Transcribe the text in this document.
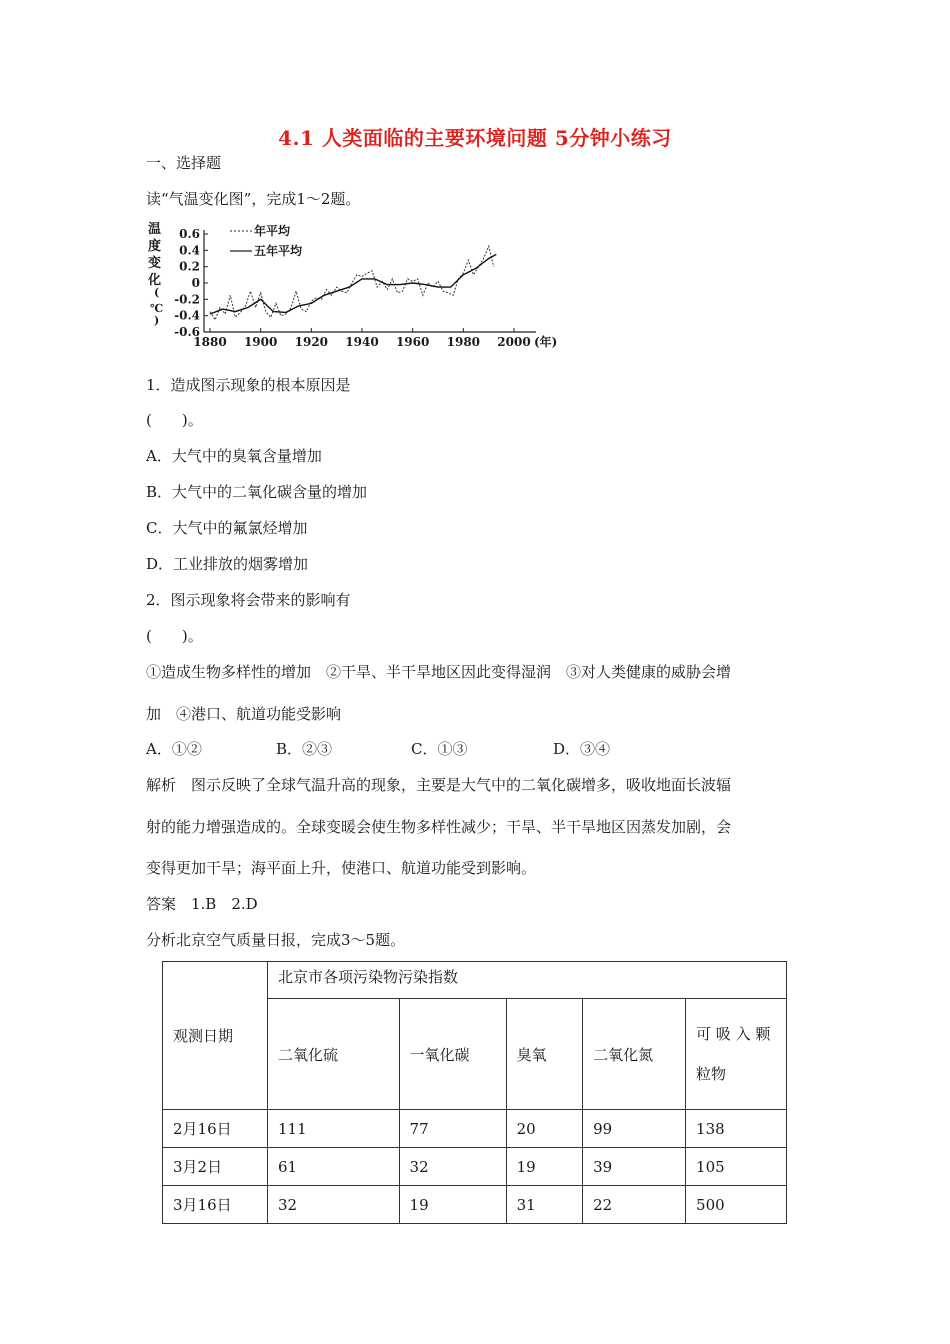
4.1 人类面临的主要环境问题 5分钟小练习
一、选择题
读“气温变化图”，完成1～2题。
温
度
变
化
(
℃
)
0.6
0.4
0.2
0
-0.2
-0.4
-0.6
1880 1900 1920 1940 1960 1980 2000
年平均
五年平均
(年)
1．造成图示现象的根本原因是
(　　)。
A．大气中的臭氧含量增加
B．大气中的二氧化碳含量的增加
C．大气中的氟氯烃增加
D．工业排放的烟雾增加
2．图示现象将会带来的影响有
(　　)。
①造成生物多样性的增加　②干旱、半干旱地区因此变得湿润　③对人类健康的威胁会增
加　④港口、航道功能受影响
A．①②	B．②③	C．①③	D．③④
解析　图示反映了全球气温升高的现象，主要是大气中的二氧化碳增多，吸收地面长波辐
射的能力增强造成的。全球变暖会使生物多样性减少；干旱、半干旱地区因蒸发加剧，会
变得更加干旱；海平面上升，使港口、航道功能受到影响。
答案　1.B　2.D
分析北京空气质量日报，完成3～5题。
观测日期	北京市各项污染物污染指数				
	二氧化硫	一氧化碳	臭氧	二氧化氮	可 吸 入 颗
粒物
2月16日	111	77	20	99	138
3月2日	61	32	19	39	105
3月16日	32	19	31	22	500
